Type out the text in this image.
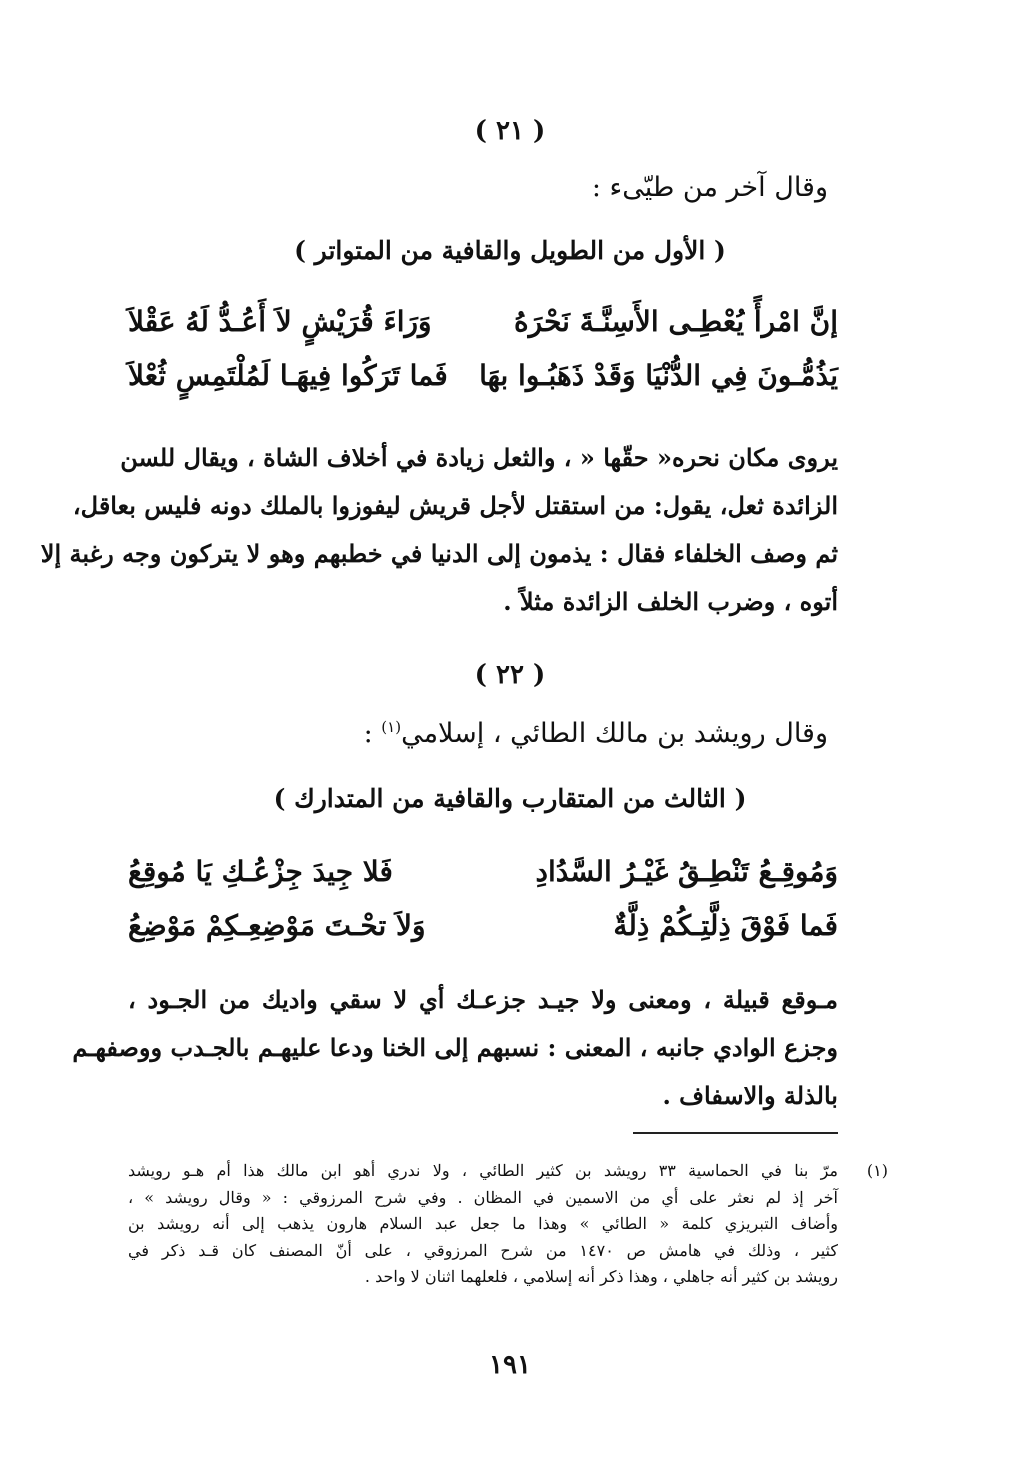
( ٢١ )
وقال آخر من طيّىء :
( الأول من الطويل والقافية من المتواتر )
إنَّ امْرأً يُعْطِـى الأَسِنَّـةَ نَحْرَهُ
وَرَاءَ قُرَيْشٍ لاَ أَعُـدُّ لَهُ عَقْلاَ
يَذُمُّـونَ فِي الدُّنْيَا وَقَدْ ذَهَبُـوا بهَا
فَما تَرَكُوا فِيهَـا لَمُلْتَمِسٍ ثُعْلاَ

يروى مكان نحره« حقّها « ، والثعل زيادة في أخلاف الشاة ، ويقال للسن
الزائدة ثعل، يقول: من استقتل لأجل قريش ليفوزوا بالملك دونه فليس بعاقل،
ثم وصف الخلفاء فقال : يذمون إلى الدنيا في خطبهم وهو لا يتركون وجه رغبة إلا
أتوه ، وضرب الخلف الزائدة مثلاً .

( ٢٢ )
وقال رويشد بن مالك الطائي ، إسلامي$^{(١)}$ :
( الثالث من المتقارب والقافية من المتدارك )
وَمُوقِـعُ تَنْطِـقُ غَيْـرُ السَّدُادِ
فَلا جِيدَ جِزْعُـكِ يَا مُوقِعُ
فَما فَوْقَ ذِلَّتِـكُمْ ذِلَّةٌ
وَلاَ تحْـتَ مَوْضِعِـكِمْ مَوْضِعُ

مـوقع قبيلة ، ومعنى ولا جيـد جزعـك أي لا سقي واديك من الجـود ،
وجزع الوادي جانبه ، المعنى : نسبهم إلى الخنا ودعا عليهـم بالجـدب ووصفهـم
بالذلة والاسفاف .

(١)
مرّ بنا في الحماسية ٣٣ رويشد بن كثير الطائي ، ولا ندري أهو ابن مالك هذا أم هـو رويشد
آخر إذ لم نعثر على أي من الاسمين في المظان . وفي شرح المرزوقي : « وقال رويشد » ،
وأضاف التبريزي كلمة « الطائي » وهذا ما جعل عبد السلام هارون يذهب إلى أنه رويشد بن
كثير ، وذلك في هامش ص ١٤٧٠ من شرح المرزوقي ، على أنّ المصنف كان قـد ذكر في
رويشد بن كثير أنه جاهلي ، وهذا ذكر أنه إسلامي ، فلعلهما اثنان لا واحد .
١٩١
